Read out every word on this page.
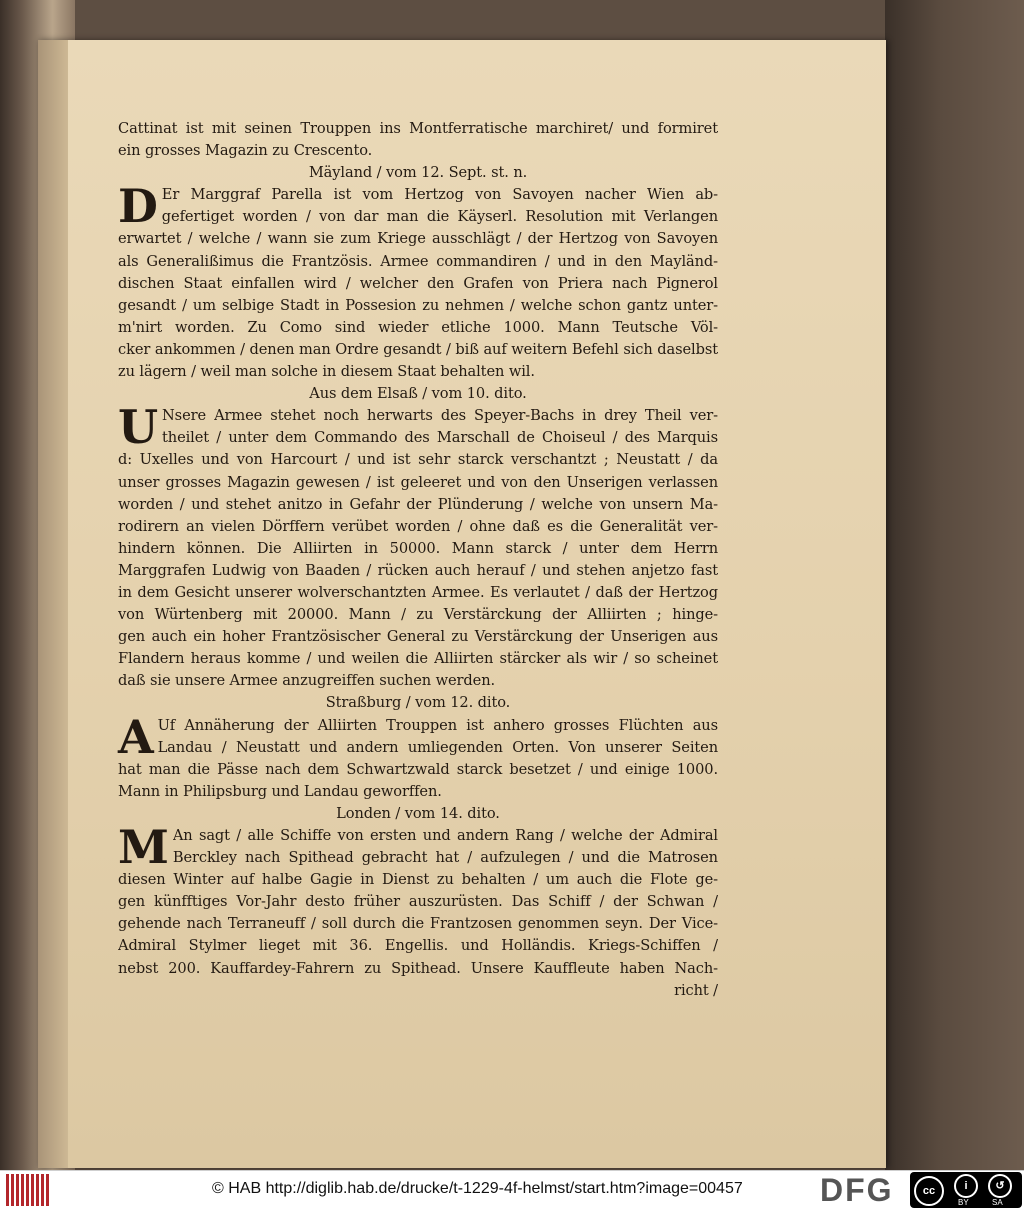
Cattinat ist mit seinen Trouppen ins Montferratische marchiret/ und formiret
ein grosses Magazin zu Crescento.
Mäyland / vom 12. Sept. st. n.
D Er Marggraf Parella ist vom Hertzog von Savoyen nacher Wien ab-
gefertiget worden / von dar man die Käyserl. Resolution mit Verlangen
erwartet / welche / wann sie zum Kriege ausschlägt / der Hertzog von Savoyen
als Generalißimus die Frantzösis. Armee commandiren / und in den Mayländ-
dischen Staat einfallen wird / welcher den Grafen von Priera nach Pignerol
gesandt / um selbige Stadt in Possesion zu nehmen / welche schon gantz unter-
m'nirt worden. Zu Como sind wieder etliche 1000. Mann Teutsche Völ-
cker ankommen / denen man Ordre gesandt / biß auf weitern Befehl sich daselbst
zu lägern / weil man solche in diesem Staat behalten wil.
Aus dem Elsaß / vom 10. dito.
U Nsere Armee stehet noch herwarts des Speyer-Bachs in drey Theil ver-
theilet / unter dem Commando des Marschall de Choiseul / des Marquis
d: Uxelles und von Harcourt / und ist sehr starck verschantzt ; Neustatt / da
unser grosses Magazin gewesen / ist geleeret und von den Unserigen verlassen
worden / und stehet anitzo in Gefahr der Plünderung / welche von unsern Ma-
rodirern an vielen Dörffern verübet worden / ohne daß es die Generalität ver-
hindern können. Die Alliirten in 50000. Mann starck / unter dem Herrn
Marggrafen Ludwig von Baaden / rücken auch herauf / und stehen anjetzo fast
in dem Gesicht unserer wolverschantzten Armee. Es verlautet / daß der Hertzog
von Würtenberg mit 20000. Mann / zu Verstärckung der Alliirten ; hinge-
gen auch ein hoher Frantzösischer General zu Verstärckung der Unserigen aus
Flandern heraus komme / und weilen die Alliirten stärcker als wir / so scheinet
daß sie unsere Armee anzugreiffen suchen werden.
Straßburg / vom 12. dito.
A Uf Annäherung der Alliirten Trouppen ist anhero grosses Flüchten aus
Landau / Neustatt und andern umliegenden Orten. Von unserer Seiten
hat man die Pässe nach dem Schwartzwald starck besetzet / und einige 1000.
Mann in Philipsburg und Landau geworffen.
Londen / vom 14. dito.
M An sagt / alle Schiffe von ersten und andern Rang / welche der Admiral
Berckley nach Spithead gebracht hat / aufzulegen / und die Matrosen
diesen Winter auf halbe Gagie in Dienst zu behalten / um auch die Flote ge-
gen künfftiges Vor-Jahr desto früher auszurüsten. Das Schiff / der Schwan /
gehende nach Terraneuff / soll durch die Frantzosen genommen seyn. Der Vice-
Admiral Stylmer lieget mit 36. Engellis. und Holländis. Kriegs-Schiffen /
nebst 200. Kauffardey-Fahrern zu Spithead. Unsere Kauffleute haben Nach-
richt /
© HAB http://diglib.hab.de/drucke/t-1229-4f-helmst/start.htm?image=00457 DFG	cc	i	↺
BY	SA
